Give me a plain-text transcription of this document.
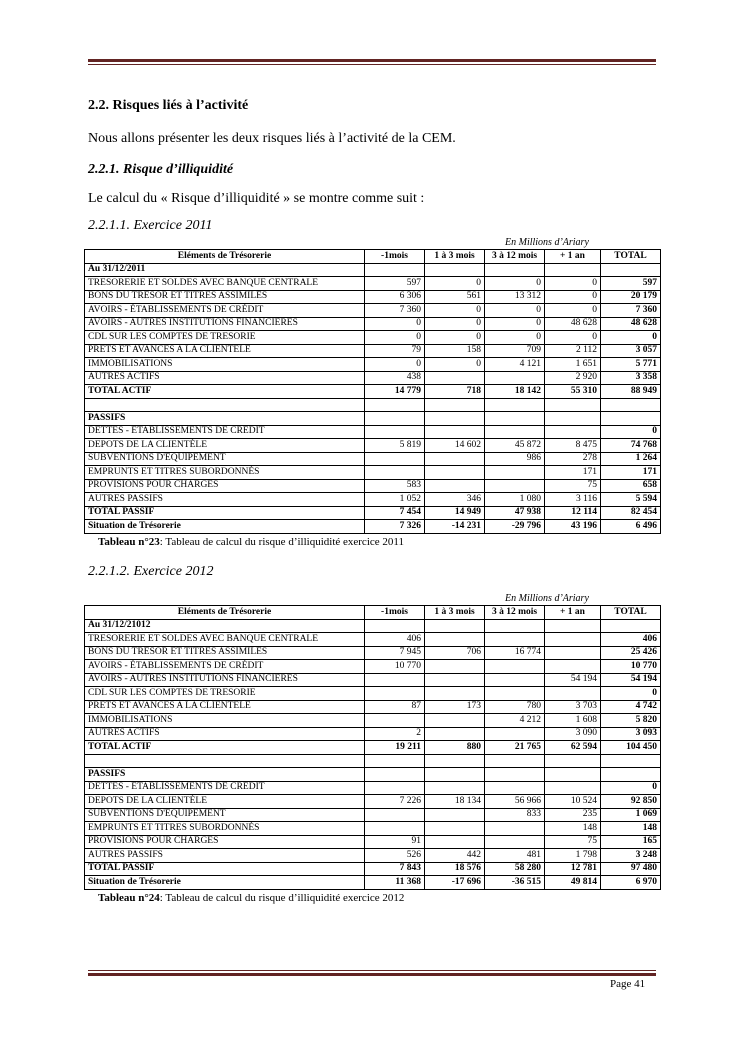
2.2. Risques liés à l’activité
Nous allons présenter les deux risques liés à l’activité de la CEM.
2.2.1. Risque d’illiquidité
Le calcul du « Risque d’illiquidité » se montre comme suit :
2.2.1.1. Exercice 2011
En Millions d’Ariary
Eléments de Trésorerie	-1mois	1 à 3 mois	3 à 12 mois	+ 1 an	TOTAL
Au 31/12/2011					
TRESORERIE ET SOLDES AVEC BANQUE CENTRALE	597	0	0	0	597
BONS DU TRÉSOR ET TITRES ASSIMILÉS	6 306	561	13 312	0	20 179
AVOIRS - ÉTABLISSEMENTS DE CRÉDIT	7 360	0	0	0	7 360
AVOIRS - AUTRES INSTITUTIONS FINANCIÈRES	0	0	0	48 628	48 628
CDL SUR LES COMPTES DE TRESORIE	0	0	0	0	0
PRETS ET AVANCES A LA CLIENTELE	79	158	709	2 112	3 057
IMMOBILISATIONS	0	0	4 121	1 651	5 771
AUTRES ACTIFS	438			2 920	3 358
TOTAL ACTIF	14 779	718	18 142	55 310	88 949

PASSIFS					
DETTES - ÉTABLISSEMENTS DE CRÉDIT					0
DEPOTS DE LA CLIENTÈLE	5 819	14 602	45 872	8 475	74 768
SUBVENTIONS D'ÉQUIPEMENT			986	278	1 264
EMPRUNTS ET TITRES SUBORDONNÉS				171	171
PROVISIONS POUR CHARGES	583			75	658
AUTRES PASSIFS	1 052	346	1 080	3 116	5 594
TOTAL PASSIF	7 454	14 949	47 938	12 114	82 454
Situation de Trésorerie	7 326	-14 231	-29 796	43 196	6 496
Tableau n°23: Tableau de calcul du risque d’illiquidité exercice 2011
2.2.1.2. Exercice 2012
En Millions d’Ariary
Eléments de Trésorerie	-1mois	1 à 3 mois	3 à 12 mois	+ 1 an	TOTAL
Au 31/12/21012					
TRESORERIE ET SOLDES AVEC BANQUE CENTRALE	406				406
BONS DU TRÉSOR ET TITRES ASSIMILÉS	7 945	706	16 774		25 426
AVOIRS - ÉTABLISSEMENTS DE CRÉDIT	10 770				10 770
AVOIRS - AUTRES INSTITUTIONS FINANCIÈRES				54 194	54 194
CDL SUR LES COMPTES DE TRESORIE					0
PRETS ET AVANCES A LA CLIENTELE	87	173	780	3 703	4 742
IMMOBILISATIONS			4 212	1 608	5 820
AUTRES ACTIFS	2			3 090	3 093
TOTAL ACTIF	19 211	880	21 765	62 594	104 450

PASSIFS					
DETTES - ÉTABLISSEMENTS DE CRÉDIT					0
DEPOTS DE LA CLIENTÈLE	7 226	18 134	56 966	10 524	92 850
SUBVENTIONS D'ÉQUIPEMENT			833	235	1 069
EMPRUNTS ET TITRES SUBORDONNÉS				148	148
PROVISIONS POUR CHARGES	91			75	165
AUTRES PASSIFS	526	442	481	1 798	3 248
TOTAL PASSIF	7 843	18 576	58 280	12 781	97 480
Situation de Trésorerie	11 368	-17 696	-36 515	49 814	6 970
Tableau n°24: Tableau de calcul du risque d’illiquidité exercice 2012
Page 41
